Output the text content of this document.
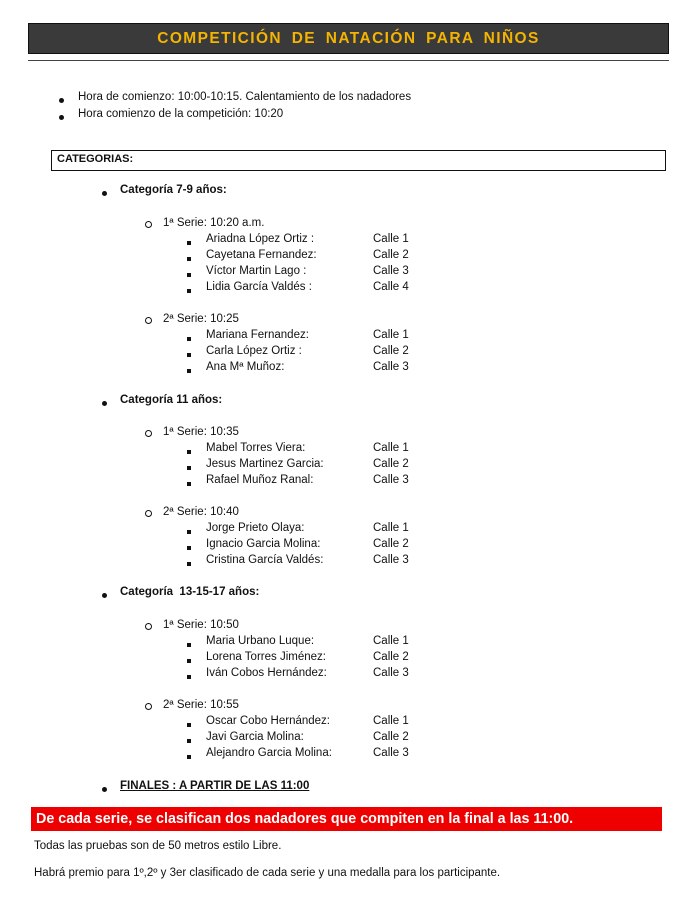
COMPETICIÓN DE NATACIÓN PARA NIÑOS
Hora de comienzo: 10:00-10:15. Calentamiento de los nadadores
Hora comienzo de la competición: 10:20
CATEGORIAS:
Categoría 7-9 años:
1ª Serie: 10:20 a.m.
Ariadna López Ortiz :	Calle 1
Cayetana Fernandez:	Calle 2
Víctor Martin Lago :	Calle 3
Lidia García Valdés :	Calle 4
2ª Serie: 10:25
Mariana Fernandez:	Calle 1
Carla López Ortiz :	Calle 2
Ana Mª Muñoz:	Calle 3
Categoría 11 años:
1ª Serie: 10:35
Mabel Torres Viera:	Calle 1
Jesus Martinez Garcia:	Calle 2
Rafael Muñoz Ranal:	Calle 3
2ª Serie: 10:40
Jorge Prieto Olaya:	Calle 1
Ignacio Garcia Molina:	Calle 2
Cristina García Valdés:	Calle 3
Categoría  13-15-17 años:
1ª Serie: 10:50
Maria Urbano Luque:	Calle 1
Lorena Torres Jiménez:	Calle 2
Iván Cobos Hernández:	Calle 3
2ª Serie: 10:55
Oscar Cobo Hernández:	Calle 1
Javi Garcia Molina:	Calle 2
Alejandro Garcia Molina:	Calle 3
FINALES : A PARTIR DE LAS 11:00
De cada serie, se clasifican dos nadadores que compiten en la final a las 11:00.
Todas las pruebas son de 50 metros estilo Libre.
Habrá premio para 1º,2º y 3er clasificado de cada serie y una medalla para los participante.
